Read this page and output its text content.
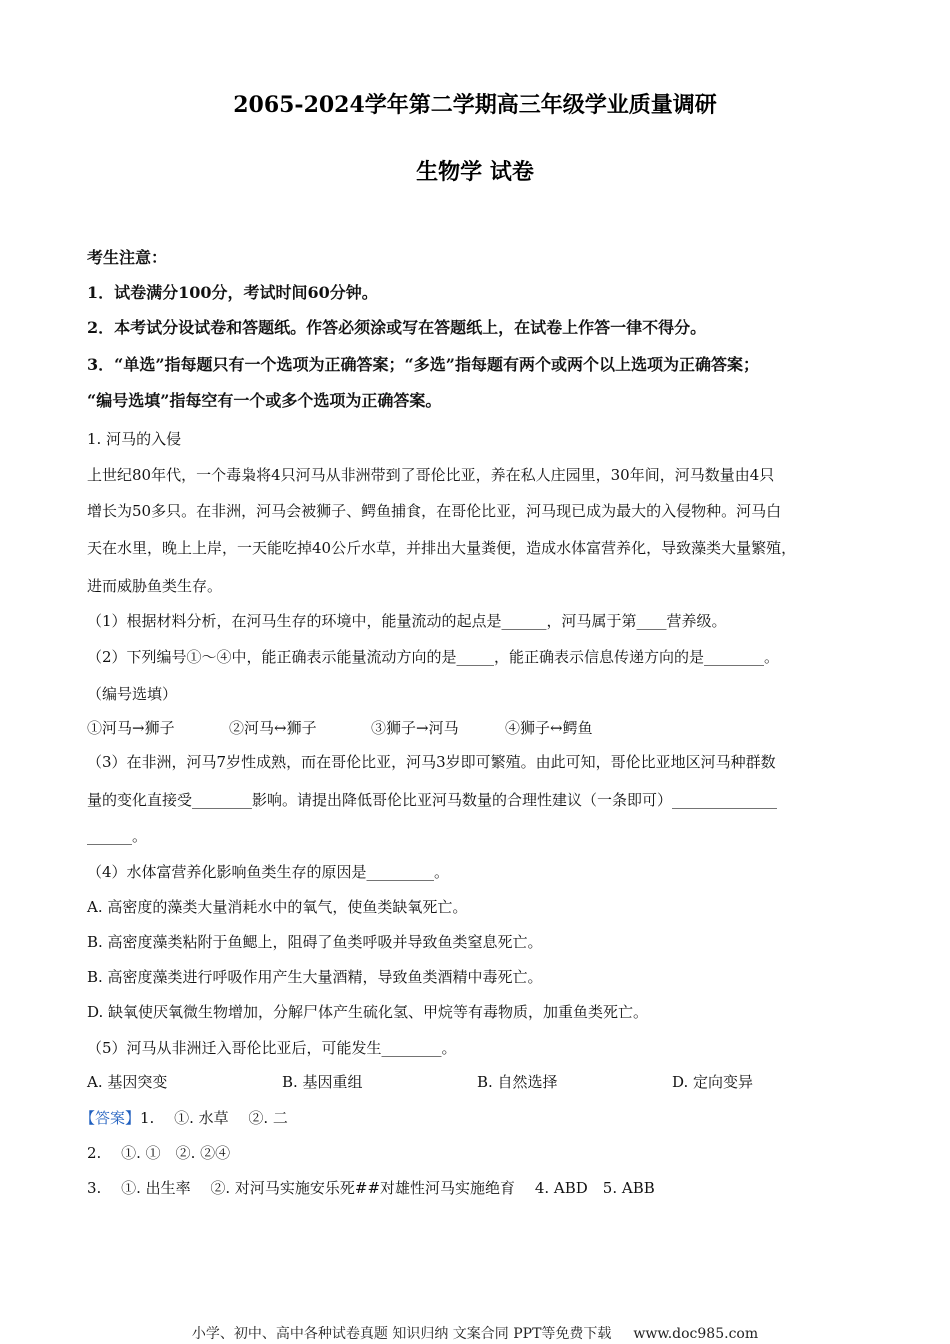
2065-2024学年第二学期高三年级学业质量调研
生物学 试卷
考生注意：
1．试卷满分100分，考试时间60分钟。
2．本考试分设试卷和答题纸。作答必须涂或写在答题纸上，在试卷上作答一律不得分。
3．“单选”指每题只有一个选项为正确答案；“多选”指每题有两个或两个以上选项为正确答案；
“编号选填”指每空有一个或多个选项为正确答案。
1. 河马的入侵
上世纪80年代，一个毒枭将4只河马从非洲带到了哥伦比亚，养在私人庄园里，30年间，河马数量由4只
增长为50多只。在非洲，河马会被狮子、鳄鱼捕食，在哥伦比亚，河马现已成为最大的入侵物种。河马白
天在水里，晚上上岸，一天能吃掉40公斤水草，并排出大量粪便，造成水体富营养化，导致藻类大量繁殖，
进而威胁鱼类生存。
（1）根据材料分析，在河马生存的环境中，能量流动的起点是______，河马属于第____营养级。
（2）下列编号①～④中，能正确表示能量流动方向的是_____，能正确表示信息传递方向的是________。
（编号选填）
①河马→狮子	②河马↔狮子	③狮子→河马	④狮子↔鳄鱼
（3）在非洲，河马7岁性成熟，而在哥伦比亚，河马3岁即可繁殖。由此可知，哥伦比亚地区河马种群数
量的变化直接受________影响。请提出降低哥伦比亚河马数量的合理性建议（一条即可）______________
______。
（4）水体富营养化影响鱼类生存的原因是_________。
A. 高密度的藻类大量消耗水中的氧气，使鱼类缺氧死亡。
B. 高密度藻类粘附于鱼鳃上，阻碍了鱼类呼吸并导致鱼类窒息死亡。
B. 高密度藻类进行呼吸作用产生大量酒精，导致鱼类酒精中毒死亡。
D. 缺氧使厌氧微生物增加，分解尸体产生硫化氢、甲烷等有毒物质，加重鱼类死亡。
（5）河马从非洲迁入哥伦比亚后，可能发生________。
A. 基因突变	B. 基因重组	B. 自然选择	D. 定向变异
【答案】1.　 ①. 水草　 ②. 二
2.　 ①. ①　②. ②④
3.　 ①. 出生率　 ②. 对河马实施安乐死##对雄性河马实施绝育　 4. ABD　5. ABB
小学、初中、高中各种试卷真题 知识归纳 文案合同 PPT等免费下载 www.doc985.com
